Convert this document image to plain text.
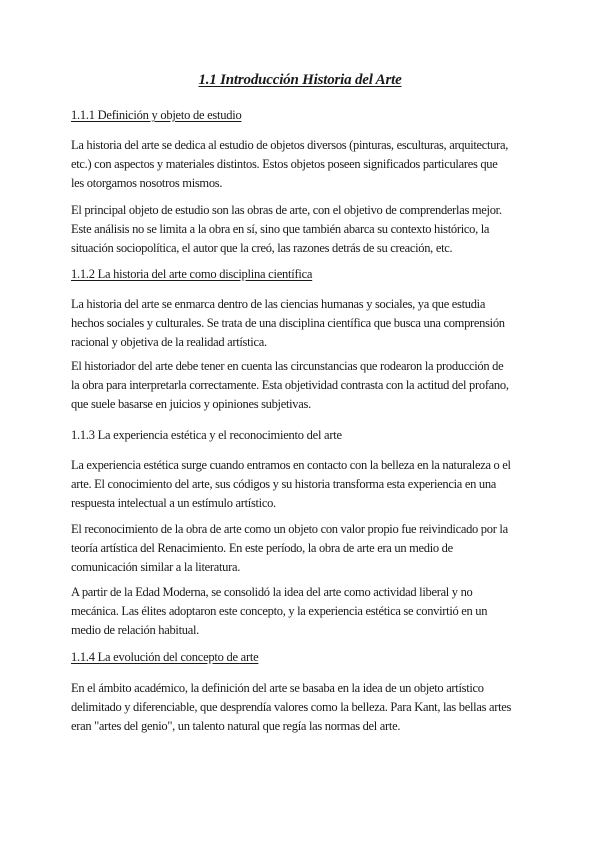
1.1 Introducción Historia del Arte
1.1.1 Definición y objeto de estudio

La historia del arte se dedica al estudio de objetos diversos (pinturas, esculturas, arquitectura,
etc.) con aspectos y materiales distintos. Estos objetos poseen significados particulares que
les otorgamos nosotros mismos.

El principal objeto de estudio son las obras de arte, con el objetivo de comprenderlas mejor.
Este análisis no se limita a la obra en sí, sino que también abarca su contexto histórico, la
situación sociopolítica, el autor que la creó, las razones detrás de su creación, etc.

1.1.2 La historia del arte como disciplina científica

La historia del arte se enmarca dentro de las ciencias humanas y sociales, ya que estudia
hechos sociales y culturales. Se trata de una disciplina científica que busca una comprensión
racional y objetiva de la realidad artística.

El historiador del arte debe tener en cuenta las circunstancias que rodearon la producción de
la obra para interpretarla correctamente. Esta objetividad contrasta con la actitud del profano,
que suele basarse en juicios y opiniones subjetivas.

1.1.3 La experiencia estética y el reconocimiento del arte

La experiencia estética surge cuando entramos en contacto con la belleza en la naturaleza o el
arte. El conocimiento del arte, sus códigos y su historia transforma esta experiencia en una
respuesta intelectual a un estímulo artístico.

El reconocimiento de la obra de arte como un objeto con valor propio fue reivindicado por la
teoría artística del Renacimiento. En este período, la obra de arte era un medio de
comunicación similar a la literatura.

A partir de la Edad Moderna, se consolidó la idea del arte como actividad liberal y no
mecánica. Las élites adoptaron este concepto, y la experiencia estética se convirtió en un
medio de relación habitual.

1.1.4 La evolución del concepto de arte

En el ámbito académico, la definición del arte se basaba en la idea de un objeto artístico
delimitado y diferenciable, que desprendía valores como la belleza. Para Kant, las bellas artes
eran "artes del genio", un talento natural que regía las normas del arte.
